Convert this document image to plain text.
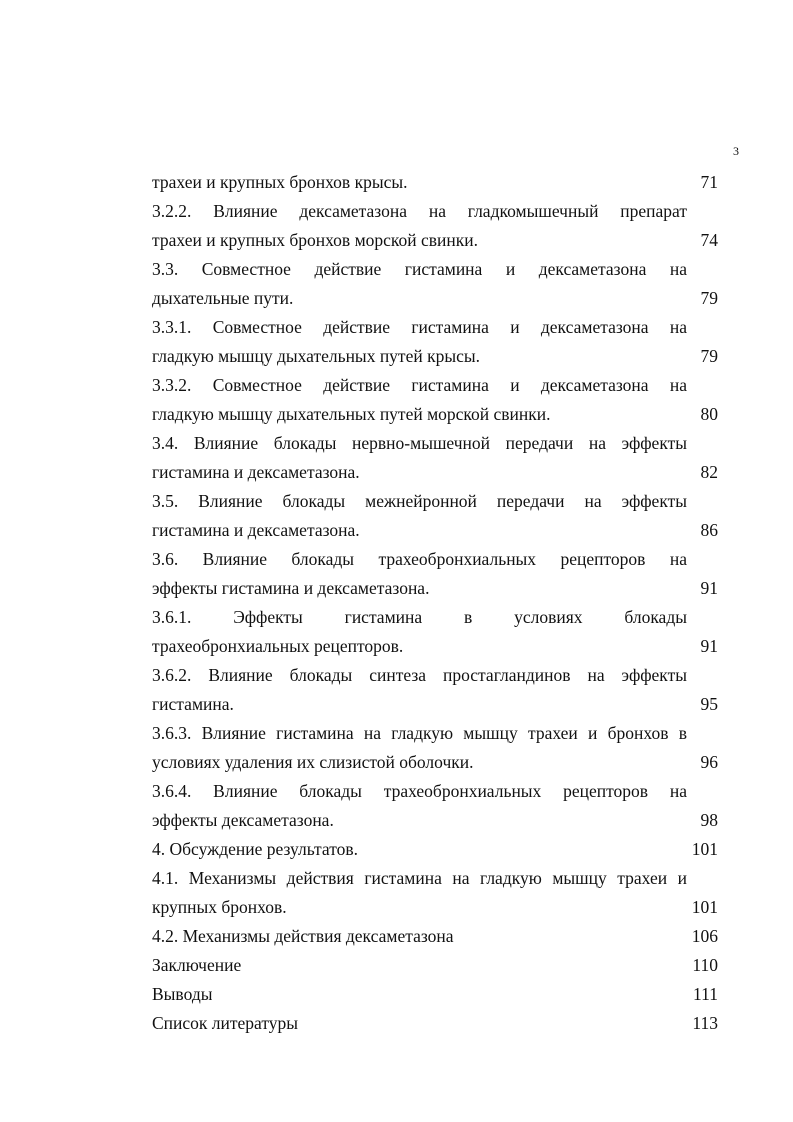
3
трахеи и крупных бронхов крысы.	71
3.2.2. Влияние дексаметазона на гладкомышечный препарат
трахеи и крупных бронхов морской свинки.	74
3.3. Совместное действие гистамина и дексаметазона на
дыхательные пути.	79
3.3.1. Совместное действие гистамина и дексаметазона на
гладкую мышцу дыхательных путей крысы.	79
3.3.2. Совместное действие гистамина и дексаметазона на
гладкую мышцу дыхательных путей морской свинки.	80
3.4. Влияние блокады нервно-мышечной передачи на эффекты
гистамина и дексаметазона.	82
3.5. Влияние блокады межнейронной передачи на эффекты
гистамина и дексаметазона.	86
3.6. Влияние блокады трахеобронхиальных рецепторов на
эффекты гистамина и дексаметазона.	91
3.6.1. Эффекты гистамина в условиях блокады
трахеобронхиальных рецепторов.	91
3.6.2. Влияние блокады синтеза простагландинов на эффекты
гистамина.	95
3.6.3. Влияние гистамина на гладкую мышцу трахеи и бронхов в
условиях удаления их слизистой оболочки.	96
3.6.4. Влияние блокады трахеобронхиальных рецепторов на
эффекты дексаметазона.	98
4. Обсуждение результатов.	101
4.1. Механизмы действия гистамина на гладкую мышцу трахеи и
крупных бронхов.	101
4.2. Механизмы действия дексаметазона	106
Заключение	110
Выводы	111
Список литературы	113
